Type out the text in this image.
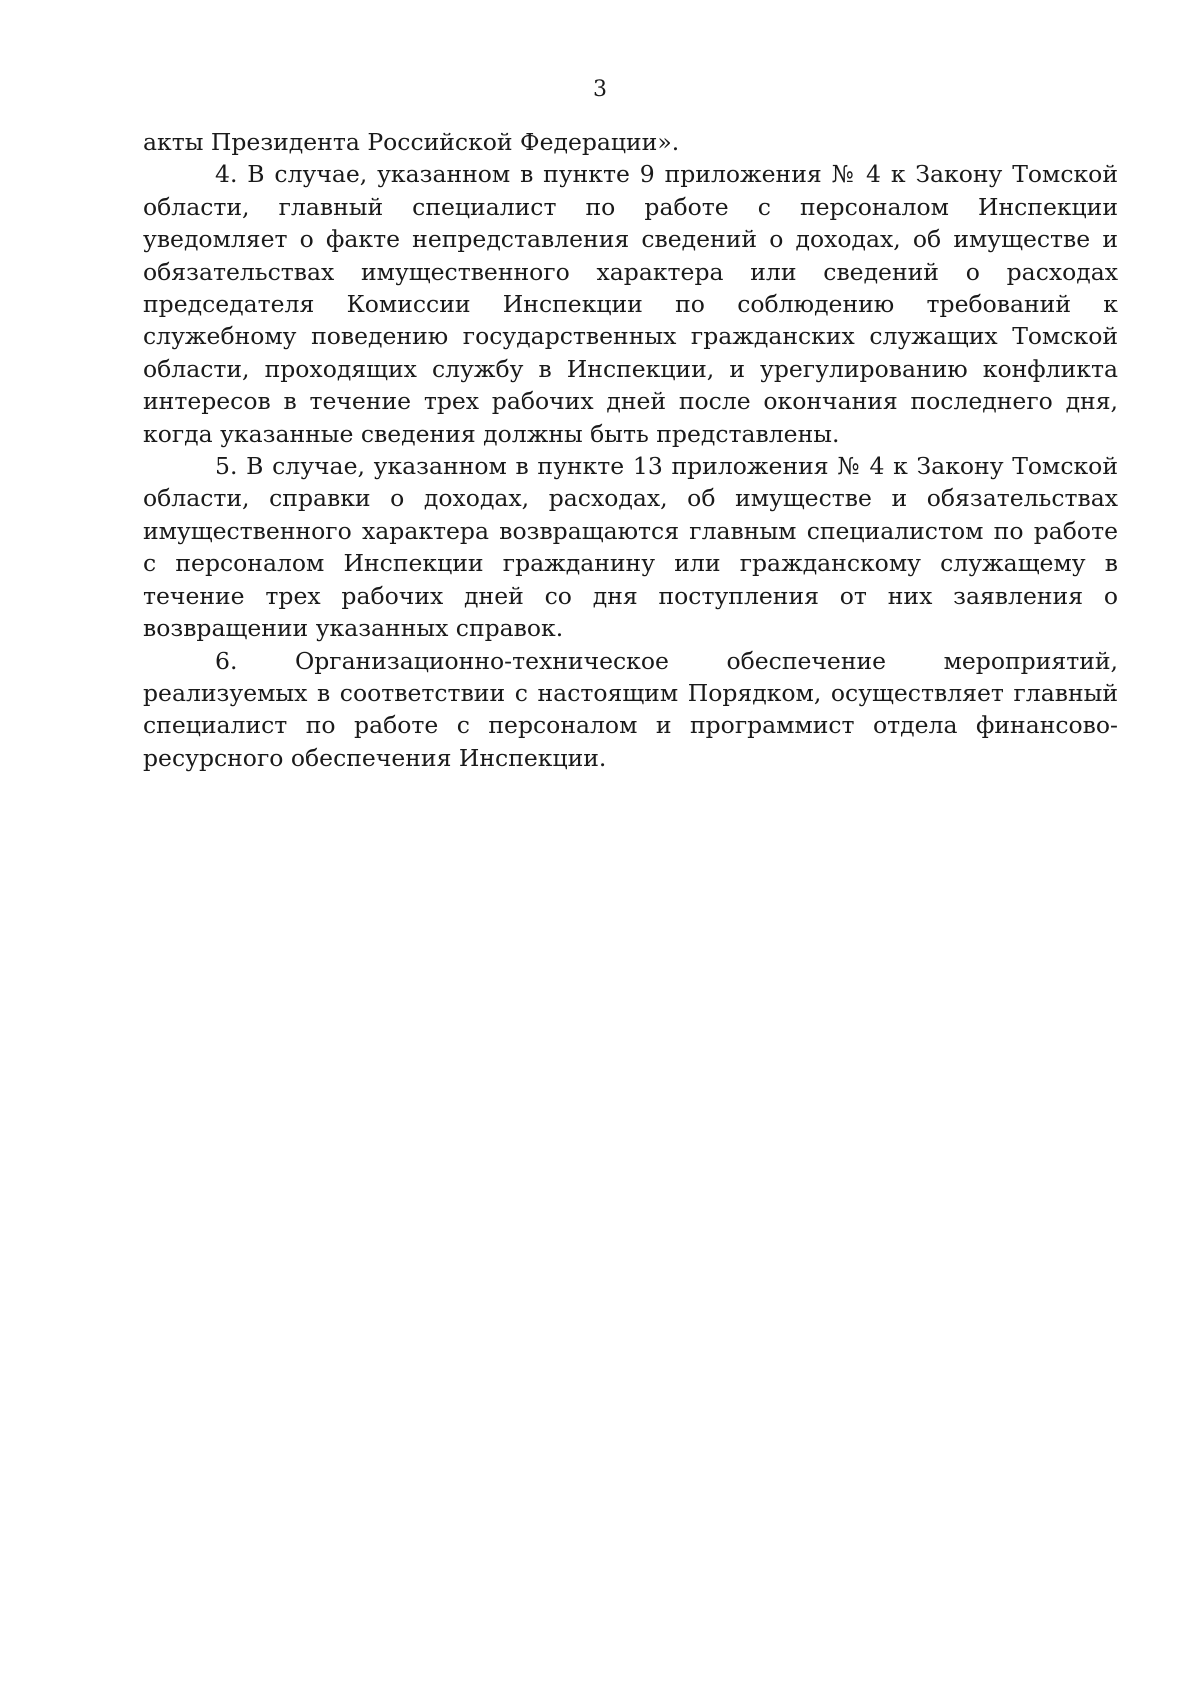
3

акты Президента Российской Федерации».

4. В случае, указанном в пункте 9 приложения № 4 к Закону Томской области, главный специалист по работе с персоналом Инспекции уведомляет о факте непредставления сведений о доходах, об имуществе и обязательствах имущественного характера или сведений о расходах председателя Комиссии Инспекции по соблюдению требований к служебному поведению государственных гражданских служащих Томской области, проходящих службу в Инспекции, и урегулированию конфликта интересов в течение трех рабочих дней после окончания последнего дня, когда указанные сведения должны быть представлены.

5. В случае, указанном в пункте 13 приложения № 4 к Закону Томской области, справки о доходах, расходах, об имуществе и обязательствах имущественного характера возвращаются главным специалистом по работе с персоналом Инспекции гражданину или гражданскому служащему в течение трех рабочих дней со дня поступления от них заявления о возвращении указанных справок.

6. Организационно-техническое обеспечение мероприятий, реализуемых в соответствии с настоящим Порядком, осуществляет главный специалист по работе с персоналом и программист отдела финансово-ресурсного обеспечения Инспекции.
